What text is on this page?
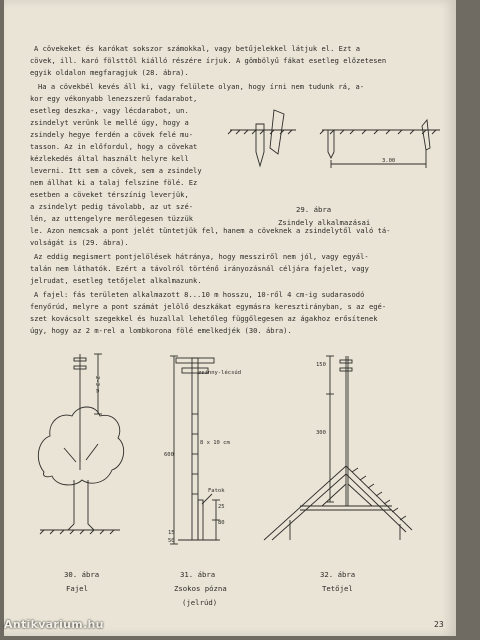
A cövekeket és karókat sokszor számokkal, vagy betűjelekkel látjuk el. Ezt a
cövek, ill. karó fölsttől kiálló részére írjuk. A gömbölyű fákat esetleg előzetesen
egyik oldalon megfaragjuk (28. ábra).
Ha a cövekbél kevés áll ki, vagy felülete olyan, hogy írni nem tudunk rá, a-
kor egy vékonyabb lenezszerű fadarabot,
esetleg deszka-, vagy lécdarabot, un.
zsindelyt verünk le mellé úgy, hogy a
zsindely hegye ferdén a cövek felé mu-
tasson. Az in előfordul, hogy a cövekat
kézlekedés által használt helyre kell
leverni. Itt sem a cövek, sem a zsindely
nem állhat ki a talaj felszine fölé. Ez
esetben a cöveket térszínig leverjük,
a zsindelyt pedig távolabb, az ut szé-
lén, az uttengelyre merőlegesen tüzzük
le. Azon nemcsak a pont jelét tüntetjük fel, hanem a cöveknek a zsindelytől való tá-
volságát is (29. ábra).
3.00
29. ábra
Zsindely alkalmazásai
Az eddig megismert pontjelölések hátránya, hogy messziről nem jól, vagy egyál-
talán nem láthatók. Ezért a távolról történő irányozásnál céljára fajelet, vagy
jelrudat, esetleg tetőjelet alkalmazunk.
A fajel: fás területen alkalmazott 8...10 m hosszu, 10-ről 4 cm-ig sudarasodó
fenyőrúd, melyre a pont számát jelölő deszkákat egymásra keresztirányban, s az egé-
szet kovácsolt szegekkel és huzallal lehetőleg függőlegesen az ágakhoz erősítenek
úgy, hogy az 2 m-rel a lombkorona fölé emelkedjék (30. ábra).
2-3 m
30. ábra
Fajel
zsinny-lécsúd
8 x 10 cm
Fatok
600
25
80
15
50
31. ábra
Zsokos póznа
(jelrúd)
150
300
32. ábra
Tetőjel
23
Antikvarium.hu
